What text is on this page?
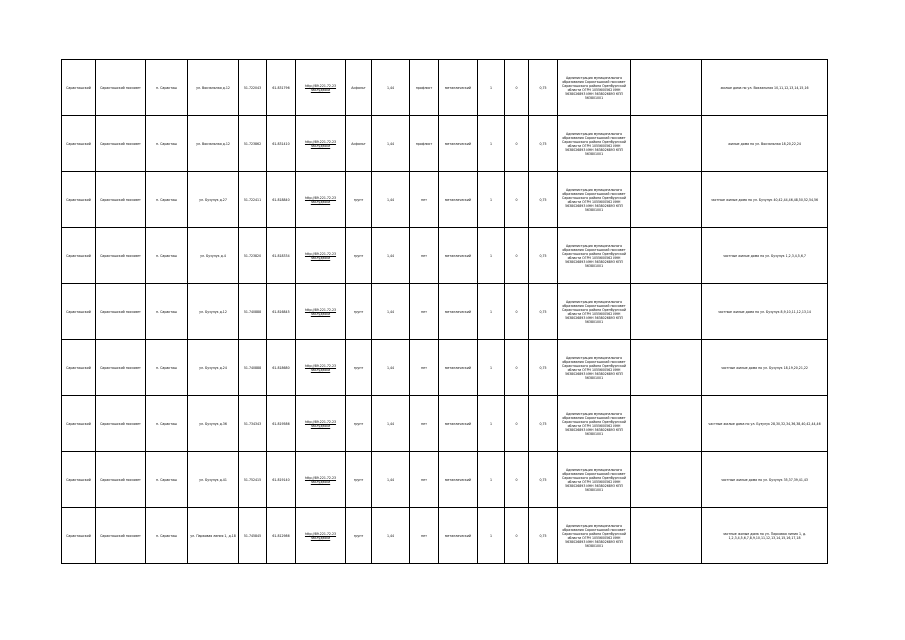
Саракташский	Саракташский поссовет	п. Саракташ	ул. Вокзальная д.12	51.722043	61.831796	http://89.221.72.23 заклудзоки	Асфальт	1,44	профлист	металлический	1	0	0,75	Администрация муниципального образования Саракташский поссовет Саракташского района Оренбургской области ОГРН 1055600562 ИНН 5638026893 ИНН 5638026893 КПП 563801001		жилые дома по ул. Вокзальная 10,11,12,13,14,15,16
Саракташский	Саракташский поссовет	п. Саракташ	ул. Вокзальная д.12	51.723862	61.831410	http://89.221.72.23 заклудзоки	Асфальт	1,44	профлист	металлический	1	0	0,75	Администрация муниципального образования Саракташский поссовет Саракташского района Оренбургской области ОГРН 1055600562 ИНН 5638026893 ИНН 5638026893 КПП 563801001		жилые дома по ул. Вокзальная 18,20,22,24
Саракташский	Саракташский поссовет	п. Саракташ	ул. Бузулук д.27	51.722411	61.818840	http://89.221.72.23 заклудзоки	грунт	1,44	нет	металлический	1	0	0,75	Администрация муниципального образования Саракташский поссовет Саракташского района Оренбургской области ОГРН 1055600562 ИНН 5638026893 ИНН 5638026893 КПП 563801001		частные жилые дома по ул. Бузулук 40,42,44,46,48,50,52,54,56
Саракташский	Саракташский поссовет	п. Саракташ	ул. Бузулук д.4	51.723820	61.818334	http://89.221.72.23 заклудзоки	грунт	1,44	нет	металлический	1	0	0,75	Администрация муниципального образования Саракташский поссовет Саракташского района Оренбургской области ОГРН 1055600562 ИНН 5638026893 ИНН 5638026893 КПП 563801001		частные жилые дома по ул. Бузулук 1,2,3,4,5,6,7
Саракташский	Саракташский поссовет	п. Саракташ	ул. Бузулук д.12	51.740888	61.816845	http://89.221.72.23 заклудзоки	грунт	1,44	нет	металлический	1	0	0,75	Администрация муниципального образования Саракташский поссовет Саракташского района Оренбургской области ОГРН 1055600562 ИНН 5638026893 ИНН 5638026893 КПП 563801001		частные жилые дома по ул. Бузулук 8,9,10,11,12,13,14
Саракташский	Саракташский поссовет	п. Саракташ	ул. Бузулук д.24	51.740888	61.818680	http://89.221.72.23 заклудзоки	грунт	1,44	нет	металлический	1	0	0,75	Администрация муниципального образования Саракташский поссовет Саракташского района Оренбургской области ОГРН 1055600562 ИНН 5638026893 ИНН 5638026893 КПП 563801001		частные жилые дома по ул. Бузулук 18,19,20,21,22
Саракташский	Саракташский поссовет	п. Саракташ	ул. Бузулук д.36	51.734343	61.819586	http://89.221.72.23 заклудзоки	грунт	1,44	нет	металлический	1	0	0,75	Администрация муниципального образования Саракташский поссовет Саракташского района Оренбургской области ОГРН 1055600562 ИНН 5638026893 ИНН 5638026893 КПП 563801001		частные жилые дома по ул. Бузулук 28,30,32,34,36,38,40,42,44,46
Саракташский	Саракташский поссовет	п. Саракташ	ул. Бузулук д.41	51.752415	61.819140	http://89.221.72.23 заклудзоки	грунт	1,44	нет	металлический	1	0	0,75	Администрация муниципального образования Саракташский поссовет Саракташского района Оренбургской области ОГРН 1055600562 ИНН 5638026893 ИНН 5638026893 КПП 563801001		частные жилые дома по ул. Бузулук 35,37,39,41,43
Саракташский	Саракташский поссовет	п. Саракташ	ул. Парковая линия 1, д.18	51.745845	61.812986	http://89.221.72.23 заклудзоки	грунт	1,44	нет	металлический	1	0	0,75	Администрация муниципального образования Саракташский поссовет Саракташского района Оренбургской области ОГРН 1055600562 ИНН 5638026893 ИНН 5638026893 КПП 563801001		частные жилые дома по ул. Парковая линия 1, д. 1,2,3,4,5,6,7,8,9,10,11,12,13,14,15,16,17,18
